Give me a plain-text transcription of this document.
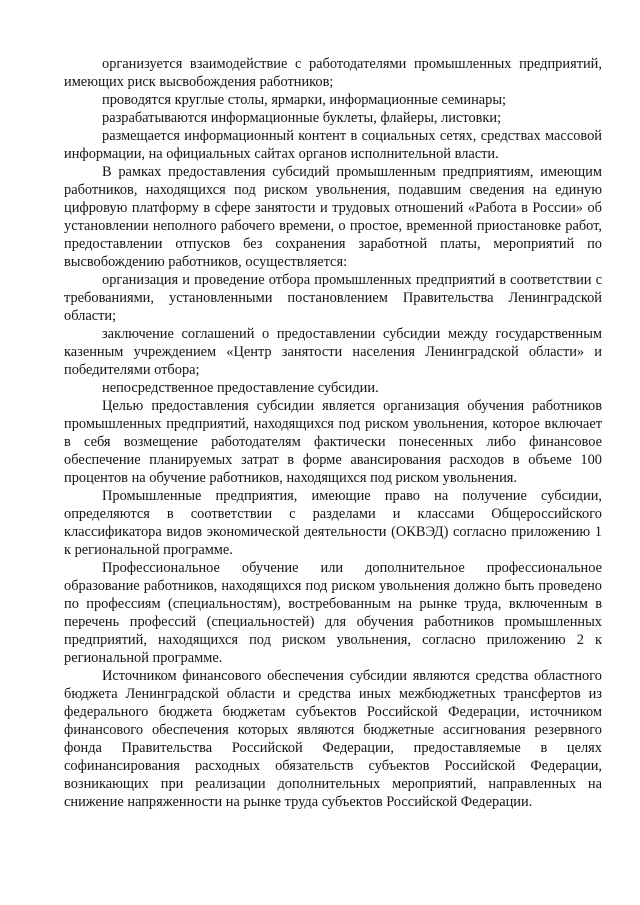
организуется взаимодействие с работодателями промышленных предприятий, имеющих риск высвобождения работников;

проводятся круглые столы, ярмарки, информационные семинары;

разрабатываются информационные буклеты, флайеры, листовки;

размещается информационный контент в социальных сетях, средствах массовой информации, на официальных сайтах органов исполнительной власти.

В рамках предоставления субсидий промышленным предприятиям, имеющим работников, находящихся под риском увольнения, подавшим сведения на единую цифровую платформу в сфере занятости и трудовых отношений «Работа в России» об установлении неполного рабочего времени, о простое, временной приостановке работ, предоставлении отпусков без сохранения заработной платы, мероприятий по высвобождению работников, осуществляется:

организация и проведение отбора промышленных предприятий в соответствии с требованиями, установленными постановлением Правительства Ленинградской области;

заключение соглашений о предоставлении субсидии между государственным казенным учреждением «Центр занятости населения Ленинградской области» и победителями отбора;

непосредственное предоставление субсидии.

Целью предоставления субсидии является организация обучения работников промышленных предприятий, находящихся под риском увольнения, которое включает в себя возмещение работодателям фактически понесенных либо финансовое обеспечение планируемых затрат в форме авансирования расходов в объеме 100 процентов на обучение работников, находящихся под риском увольнения.

Промышленные предприятия, имеющие право на получение субсидии, определяются в соответствии с разделами и классами Общероссийского классификатора видов экономической деятельности (ОКВЭД) согласно приложению 1 к региональной программе.

Профессиональное обучение или дополнительное профессиональное образование работников, находящихся под риском увольнения должно быть проведено по профессиям (специальностям), востребованным на рынке труда, включенным в перечень профессий (специальностей) для обучения работников промышленных предприятий, находящихся под риском увольнения, согласно приложению 2 к региональной программе.

Источником финансового обеспечения субсидии являются средства областного бюджета Ленинградской области и средства иных межбюджетных трансфертов из федерального бюджета бюджетам субъектов Российской Федерации, источником финансового обеспечения которых являются бюджетные ассигнования резервного фонда Правительства Российской Федерации, предоставляемые в целях софинансирования расходных обязательств субъектов Российской Федерации, возникающих при реализации дополнительных мероприятий, направленных на снижение напряженности на рынке труда субъектов Российской Федерации.
